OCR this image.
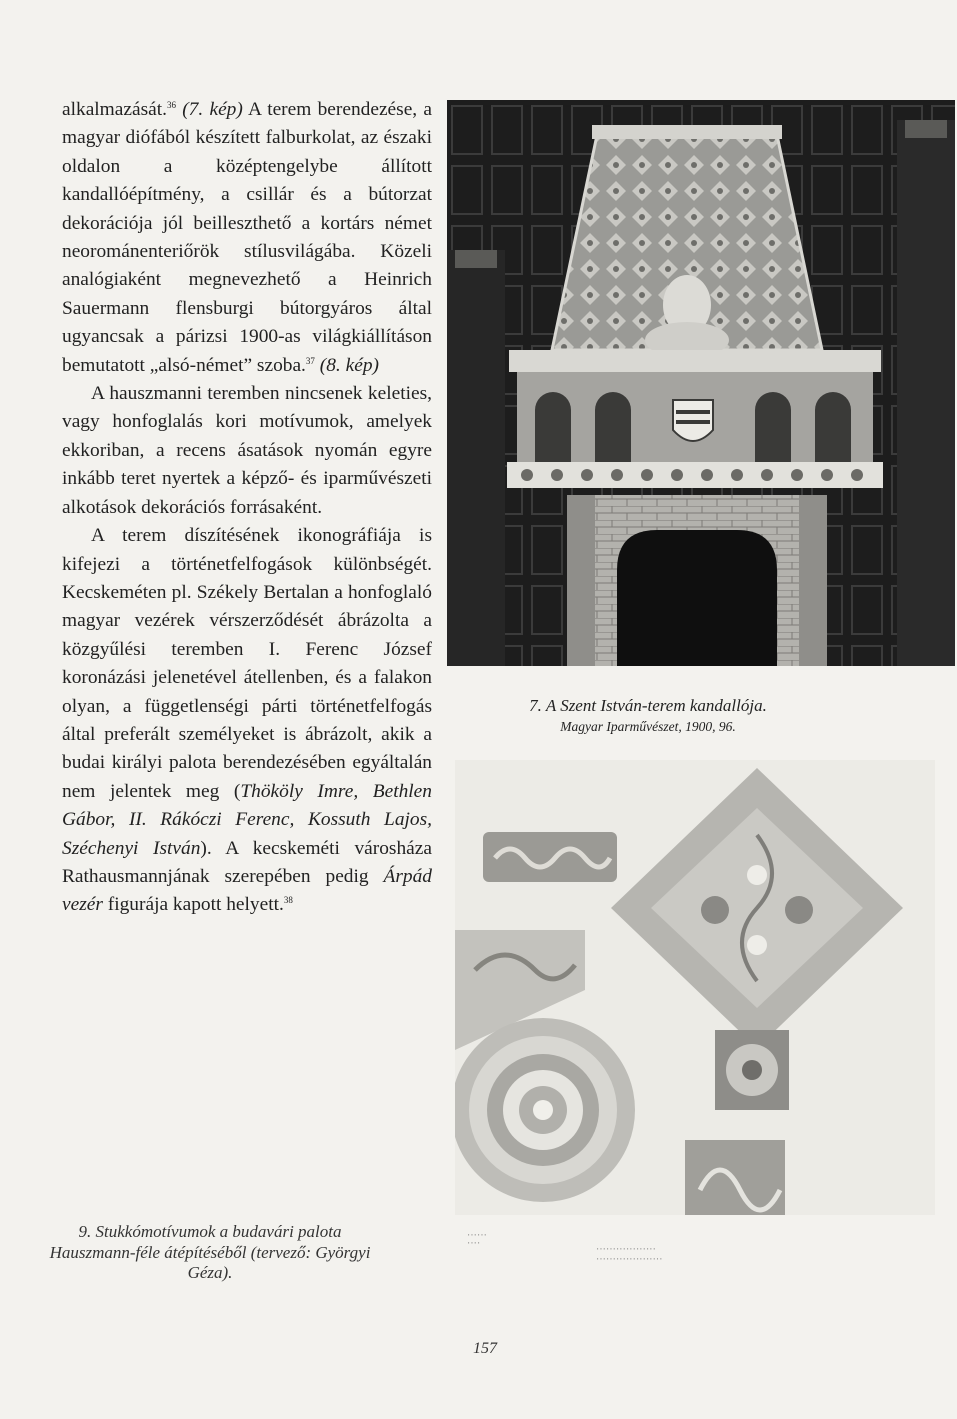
alkalmazását.$^{36}$ (7. kép) A terem berendezése, a magyar diófából készített falburkolat, az északi oldalon a középtengelybe állított kandallóépítmény, a csillár és a bútorzat dekorációja jól beilleszthető a kortárs német neorománenteriőrök stílusvilágába. Közeli analógiaként megnevezhető a Heinrich Sauermann flensburgi bútorgyáros által ugyancsak a párizsi 1900-as világkiállításon bemutatott „alsó-német” szoba.$^{37}$ (8. kép)

A hauszmanni teremben nincsenek keleties, vagy honfoglalás kori motívumok, amelyek ekkoriban, a recens ásatások nyomán egyre inkább teret nyertek a képző- és iparművészeti alkotások dekorációs forrásaként.

A terem díszítésének ikonográfiája is kifejezi a történetfelfogások különbségét. Kecskeméten pl. Székely Bertalan a honfoglaló magyar vezérek vérszerződését ábrázolta a közgyűlési teremben I. Ferenc József koronázási jelenetével átellenben, és a falakon olyan, a függetlenségi párti történetfelfogás által preferált személyeket is ábrázolt, akik a budai királyi palota berendezésében egyáltalán nem jelentek meg (Thököly Imre, Bethlen Gábor, II. Rákóczi Ferenc, Kossuth Lajos, Széchenyi István). A kecskeméti városháza Rathausmannjának szerepében pedig Árpád vezér figurája kapott helyett.$^{38}$

7. A Szent István-terem kandallója.
Magyar Iparművészet, 1900, 96.
9. Stukkómotívumok a budavári palota Hauszmann-féle átépítéséből (tervező: Györgyi Géza).
▪ ▪ ▪ ▪ ▪ ▪
▪ ▪ ▪ ▪
▪ ▪ ▪ ▪ ▪ ▪ ▪ ▪ ▪ ▪ ▪ ▪ ▪ ▪ ▪ ▪ ▪ ▪
▪ ▪ ▪ ▪ ▪ ▪ ▪ ▪ ▪ ▪ ▪ ▪ ▪ ▪ ▪ ▪ ▪ ▪ ▪ ▪
157
